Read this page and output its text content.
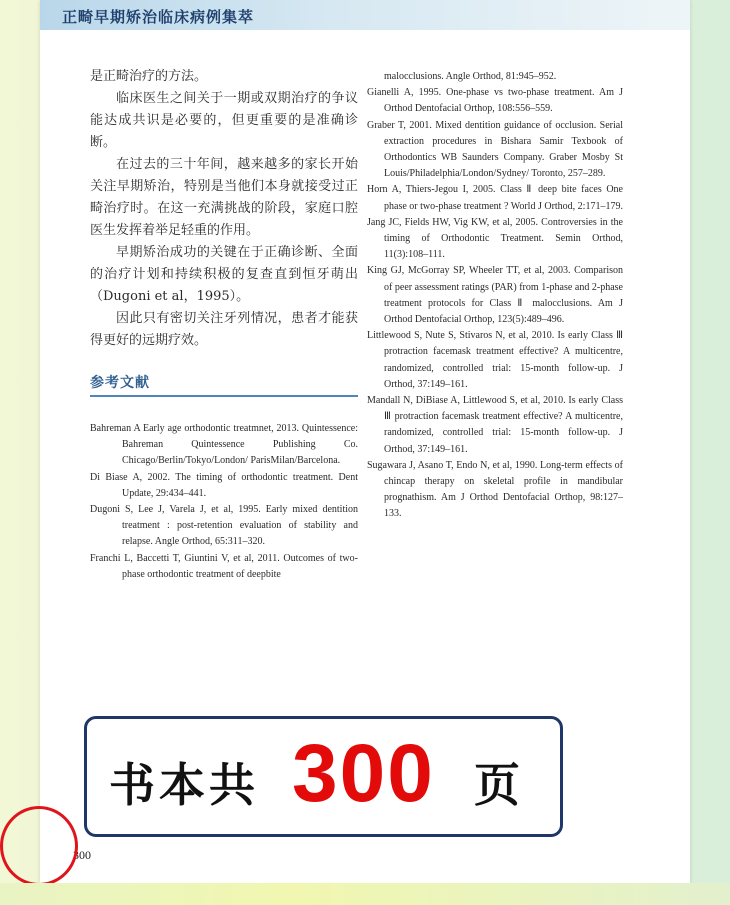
正畸早期矫治临床病例集萃

是正畸治疗的方法。

临床医生之间关于一期或双期治疗的争议能达成共识是必要的，但更重要的是准确诊断。

在过去的三十年间，越来越多的家长开始关注早期矫治，特别是当他们本身就接受过正畸治疗时。在这一充满挑战的阶段，家庭口腔医生发挥着举足轻重的作用。

早期矫治成功的关键在于正确诊断、全面的治疗计划和持续积极的复查直到恒牙萌出（Dugoni et al，1995）。

因此只有密切关注牙列情况，患者才能获得更好的远期疗效。

参考文献

Bahreman A Early age orthodontic treatmnet, 2013. Quintessence: Bahreman Quintessence Publishing Co. Chicago/Berlin/Tokyo/London/ ParisMilan/Barcelona.

Di Biase A, 2002. The timing of orthodontic treatment. Dent Update, 29:434–441.

Dugoni S, Lee J, Varela J, et al, 1995. Early mixed dentition treatment : post-retention evaluation of stability and relapse. Angle Orthod, 65:311–320.

Franchi L, Baccetti T, Giuntini V, et al, 2011. Outcomes of two-phase orthodontic treatment of deepbite

malocclusions. Angle Orthod, 81:945–952.

Gianelli A, 1995. One-phase vs two-phase treatment. Am J Orthod Dentofacial Orthop, 108:556–559.

Graber T, 2001. Mixed dentition guidance of occlusion. Serial extraction procedures in Bishara Samir Texbook of Orthodontics WB Saunders Company. Graber Mosby St Louis/Philadelphia/London/Sydney/ Toronto, 257–289.

Horn A, Thiers-Jegou I, 2005. Class Ⅱ deep bite faces One phase or two-phase treatment ? World J Orthod, 2:171–179.

Jang JC, Fields HW, Vig KW, et al, 2005. Controversies in the timing of Orthodontic Treatment. Semin Orthod, 11(3):108–111.

King GJ, McGorray SP, Wheeler TT, et al, 2003. Comparison of peer assessment ratings (PAR) from 1-phase and 2-phase treatment protocols for Class Ⅱ malocclusions. Am J Orthod Dentofacial Orthop, 123(5):489–496.

Littlewood S, Nute S, Stivaros N, et al, 2010. Is early Class Ⅲ protraction facemask treatment effective? A multicentre, randomized, controlled trial: 15-month follow-up. J Orthod, 37:149–161.

Mandall N, DiBiase A, Littlewood S, et al, 2010. Is early Class Ⅲ protraction facemask treatment effective? A multicentre, randomized, controlled trial: 15-month follow-up. J Orthod, 37:149–161.

Sugawara J, Asano T, Endo N, et al, 1990. Long-term effects of chincap therapy on skeletal profile in mandibular prognathism. Am J Orthod Dentofacial Orthop, 98:127–133.

300
书本共 300 页
